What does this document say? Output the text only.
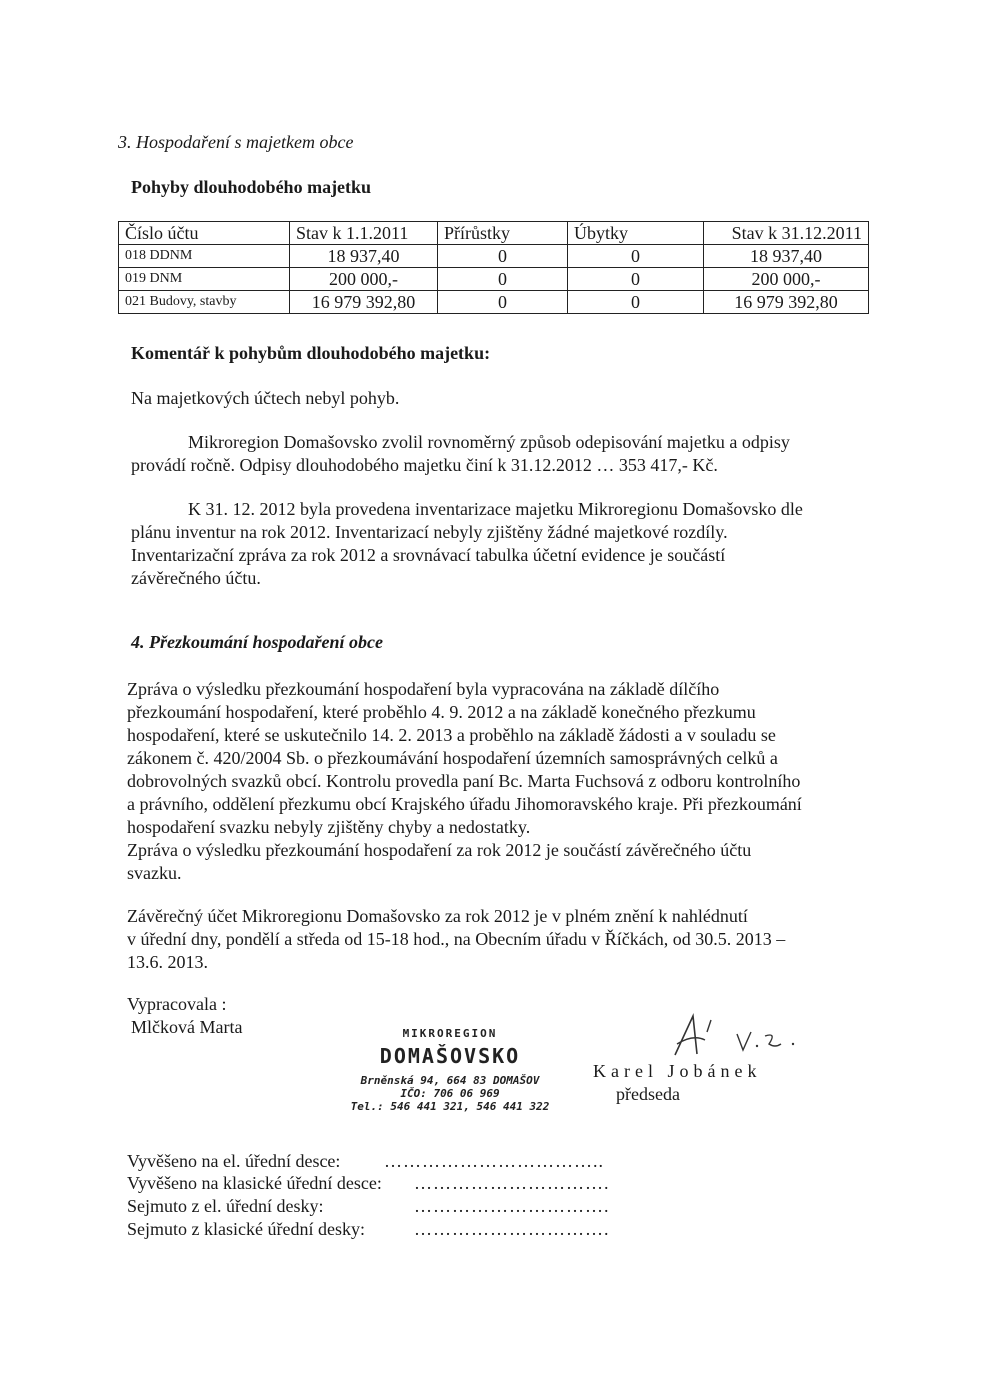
3. Hospodaření s majetkem obce
Pohyby dlouhodobého majetku
Číslo účtu	Stav k 1.1.2011	Přírůstky	Úbytky	Stav k 31.12.2011
018 DDNM	18 937,40	0	0	18 937,40
019 DNM	200 000,-	0	0	200 000,-
021 Budovy, stavby	16 979 392,80	0	0	16 979 392,80
Komentář k pohybům dlouhodobého majetku:
Na majetkových účtech nebyl pohyb.
Mikroregion Domašovsko zvolil rovnoměrný způsob odepisování majetku a odpisy
provádí ročně. Odpisy dlouhodobého majetku činí k 31.12.2012 … 353 417,- Kč.
K 31. 12. 2012 byla provedena inventarizace majetku Mikroregionu Domašovsko dle
plánu inventur na rok 2012. Inventarizací nebyly zjištěny žádné majetkové rozdíly.
Inventarizační zpráva za rok 2012 a srovnávací tabulka účetní evidence je součástí
závěrečného účtu.
4. Přezkoumání hospodaření obce
Zpráva o výsledku přezkoumání hospodaření byla vypracována na základě dílčího
přezkoumání hospodaření, které proběhlo 4. 9. 2012 a na základě konečného přezkumu
hospodaření, které se uskutečnilo 14. 2. 2013 a proběhlo na základě žádosti a v souladu se
zákonem č. 420/2004 Sb. o přezkoumávání hospodaření územních samosprávných celků a
dobrovolných svazků obcí. Kontrolu provedla paní Bc. Marta Fuchsová z odboru kontrolního
a právního, oddělení přezkumu obcí Krajského úřadu Jihomoravského kraje. Při přezkoumání
hospodaření svazku nebyly zjištěny chyby a nedostatky.
Zpráva o výsledku přezkoumání hospodaření za rok 2012 je součástí závěrečného účtu
svazku.
Závěrečný účet Mikroregionu Domašovsko za rok 2012 je v plném znění k nahlédnutí
v úřední dny, pondělí a středa od 15-18 hod., na Obecním úřadu v Říčkách, od 30.5. 2013 –
13.6. 2013.
Vypracovala :
Mlčková Marta	MIKROREGION
DOMAŠOVSKO
Brněnská 94, 664 83 DOMAŠOV
IČO: 706 06 969
Tel.: 546 441 321, 546 441 322
Karel Jobánek
předseda
Vyvěšeno na el. úřední desce: ……………………………..
Vyvěšeno na klasické úřední desce: ………………………….
Sejmuto z el. úřední desky:	………………………….
Sejmuto z klasické úřední desky:	………………………….
